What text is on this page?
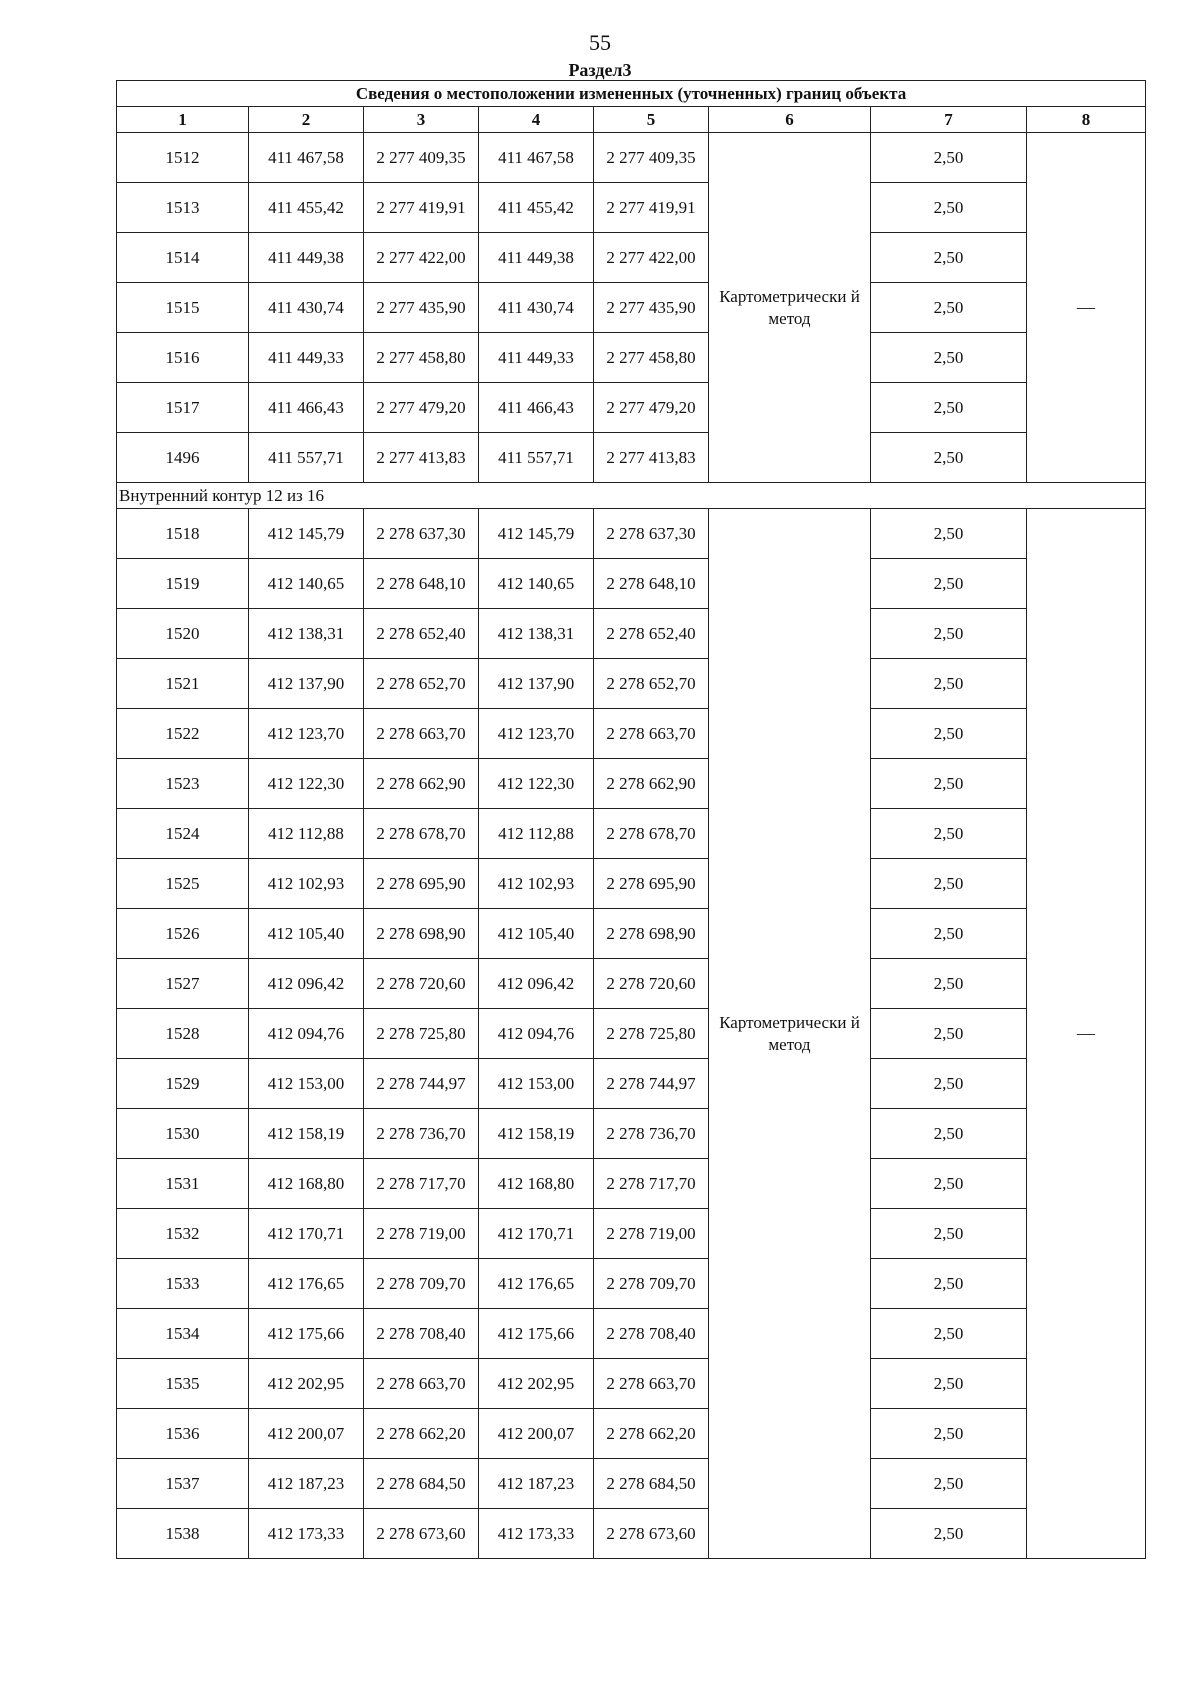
55
Раздел3
Сведения о местоположении измененных (уточненных) границ объекта							
1	2	3	4	5	6	7	8
1512	411 467,58	2 277 409,35	411 467,58	2 277 409,35	Картометрически й метод	2,50	—
1513	411 455,42	2 277 419,91	411 455,42	2 277 419,91		2,50	
1514	411 449,38	2 277 422,00	411 449,38	2 277 422,00		2,50	
1515	411 430,74	2 277 435,90	411 430,74	2 277 435,90		2,50	
1516	411 449,33	2 277 458,80	411 449,33	2 277 458,80		2,50	
1517	411 466,43	2 277 479,20	411 466,43	2 277 479,20		2,50	
1496	411 557,71	2 277 413,83	411 557,71	2 277 413,83		2,50	
Внутренний контур 12 из 16							
1518	412 145,79	2 278 637,30	412 145,79	2 278 637,30	Картометрически й метод	2,50	—
1519	412 140,65	2 278 648,10	412 140,65	2 278 648,10		2,50	
1520	412 138,31	2 278 652,40	412 138,31	2 278 652,40		2,50	
1521	412 137,90	2 278 652,70	412 137,90	2 278 652,70		2,50	
1522	412 123,70	2 278 663,70	412 123,70	2 278 663,70		2,50	
1523	412 122,30	2 278 662,90	412 122,30	2 278 662,90		2,50	
1524	412 112,88	2 278 678,70	412 112,88	2 278 678,70		2,50	
1525	412 102,93	2 278 695,90	412 102,93	2 278 695,90		2,50	
1526	412 105,40	2 278 698,90	412 105,40	2 278 698,90		2,50	
1527	412 096,42	2 278 720,60	412 096,42	2 278 720,60		2,50	
1528	412 094,76	2 278 725,80	412 094,76	2 278 725,80		2,50	
1529	412 153,00	2 278 744,97	412 153,00	2 278 744,97		2,50	
1530	412 158,19	2 278 736,70	412 158,19	2 278 736,70		2,50	
1531	412 168,80	2 278 717,70	412 168,80	2 278 717,70		2,50	
1532	412 170,71	2 278 719,00	412 170,71	2 278 719,00		2,50	
1533	412 176,65	2 278 709,70	412 176,65	2 278 709,70		2,50	
1534	412 175,66	2 278 708,40	412 175,66	2 278 708,40		2,50	
1535	412 202,95	2 278 663,70	412 202,95	2 278 663,70		2,50	
1536	412 200,07	2 278 662,20	412 200,07	2 278 662,20		2,50	
1537	412 187,23	2 278 684,50	412 187,23	2 278 684,50		2,50	
1538	412 173,33	2 278 673,60	412 173,33	2 278 673,60		2,50	
